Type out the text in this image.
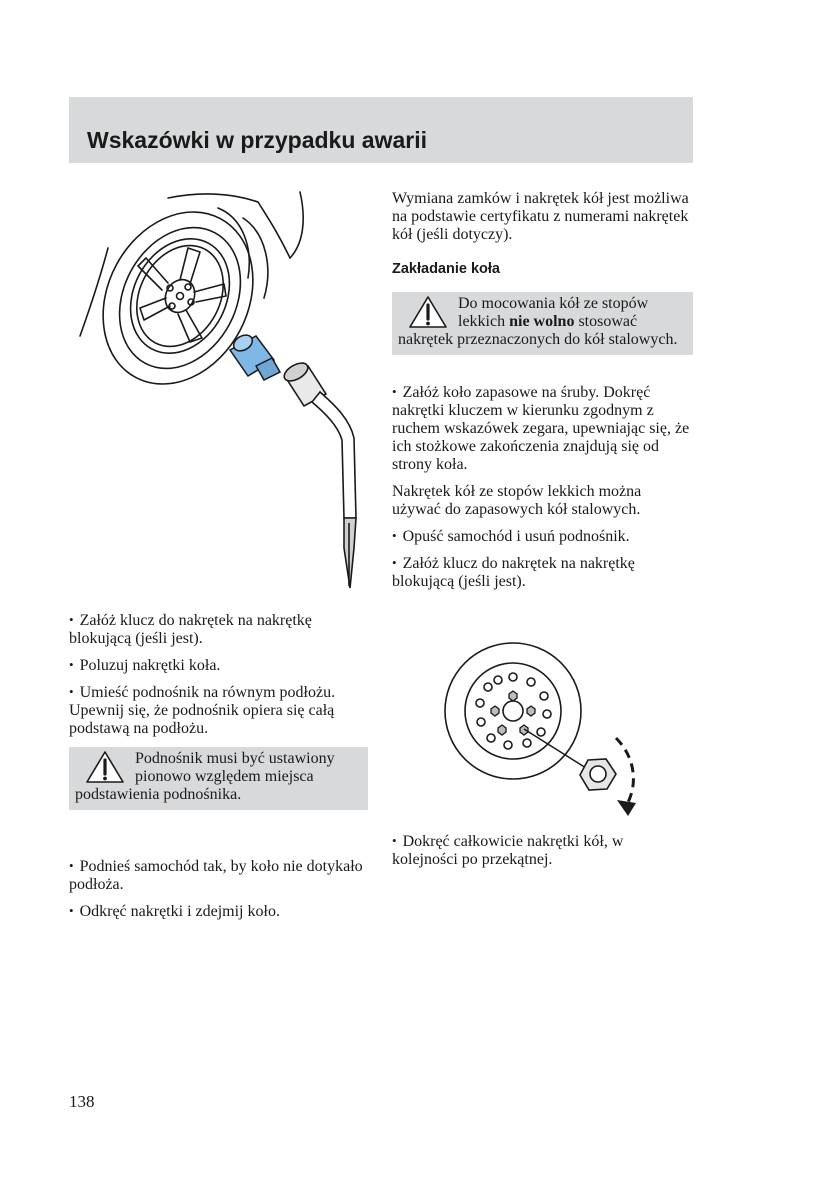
Wskazówki w przypadku awarii

• Załóż klucz do nakrętek na nakrętkę blokującą (jeśli jest).

• Poluzuj nakrętki koła.

• Umieść podnośnik na równym podłożu. Upewnij się, że podnośnik opiera się całą podstawą na podłożu.

Podnośnik musi być ustawiony pionowo względem miejsca podstawienia podnośnika.

• Podnieś samochód tak, by koło nie dotykało podłoża.

• Odkręć nakrętki i zdejmij koło.

Wymiana zamków i nakrętek kół jest możliwa na podstawie certyfikatu z numerami nakrętek kół (jeśli dotyczy).

Zakładanie koła
Do mocowania kół ze stopów lekkich nie wolno stosować nakrętek przeznaczonych do kół stalowych.

• Załóż koło zapasowe na śruby. Dokręć nakrętki kluczem w kierunku zgodnym z ruchem wskazówek zegara, upewniając się, że ich stożkowe zakończenia znajdują się od strony koła.

Nakrętek kół ze stopów lekkich można używać do zapasowych kół stalowych.

• Opuść samochód i usuń podnośnik.

• Załóż klucz do nakrętek na nakrętkę blokującą (jeśli jest).

• Dokręć całkowicie nakrętki kół, w kolejności po przekątnej.

138
